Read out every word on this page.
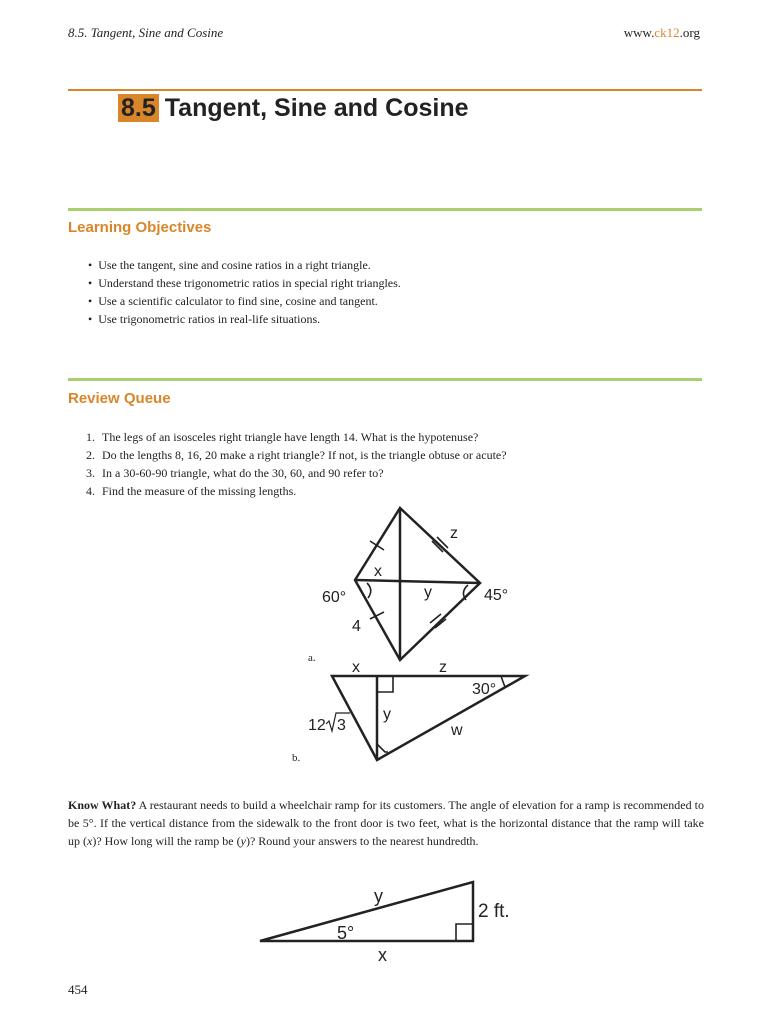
8.5. Tangent, Sine and Cosine	www.ck12.org
8.5 Tangent, Sine and Cosine
Learning Objectives
• Use the tangent, sine and cosine ratios in a right triangle.
• Understand these trigonometric ratios in special right triangles.
• Use a scientific calculator to find sine, cosine and tangent.
• Use trigonometric ratios in real-life situations.
Review Queue
1. The legs of an isosceles right triangle have length 14. What is the hypotenuse?
2. Do the lengths 8, 16, 20 make a right triangle? If not, is the triangle obtuse or acute?
3. In a 30-60-90 triangle, what do the 30, 60, and 90 refer to?
4. Find the measure of the missing lengths.
z
x
y
60°	45°
4
a.
x	z
30°
y
w
12 3
b.
Know What? A restaurant needs to build a wheelchair ramp for its customers. The angle of elevation for a ramp is recommended to be 5°. If the vertical distance from the sidewalk to the front door is two feet, what is the horizontal distance that the ramp will take up (x)? How long will the ramp be (y)? Round your answers to the nearest hundredth.
y
2 ft.
5°
x
454
